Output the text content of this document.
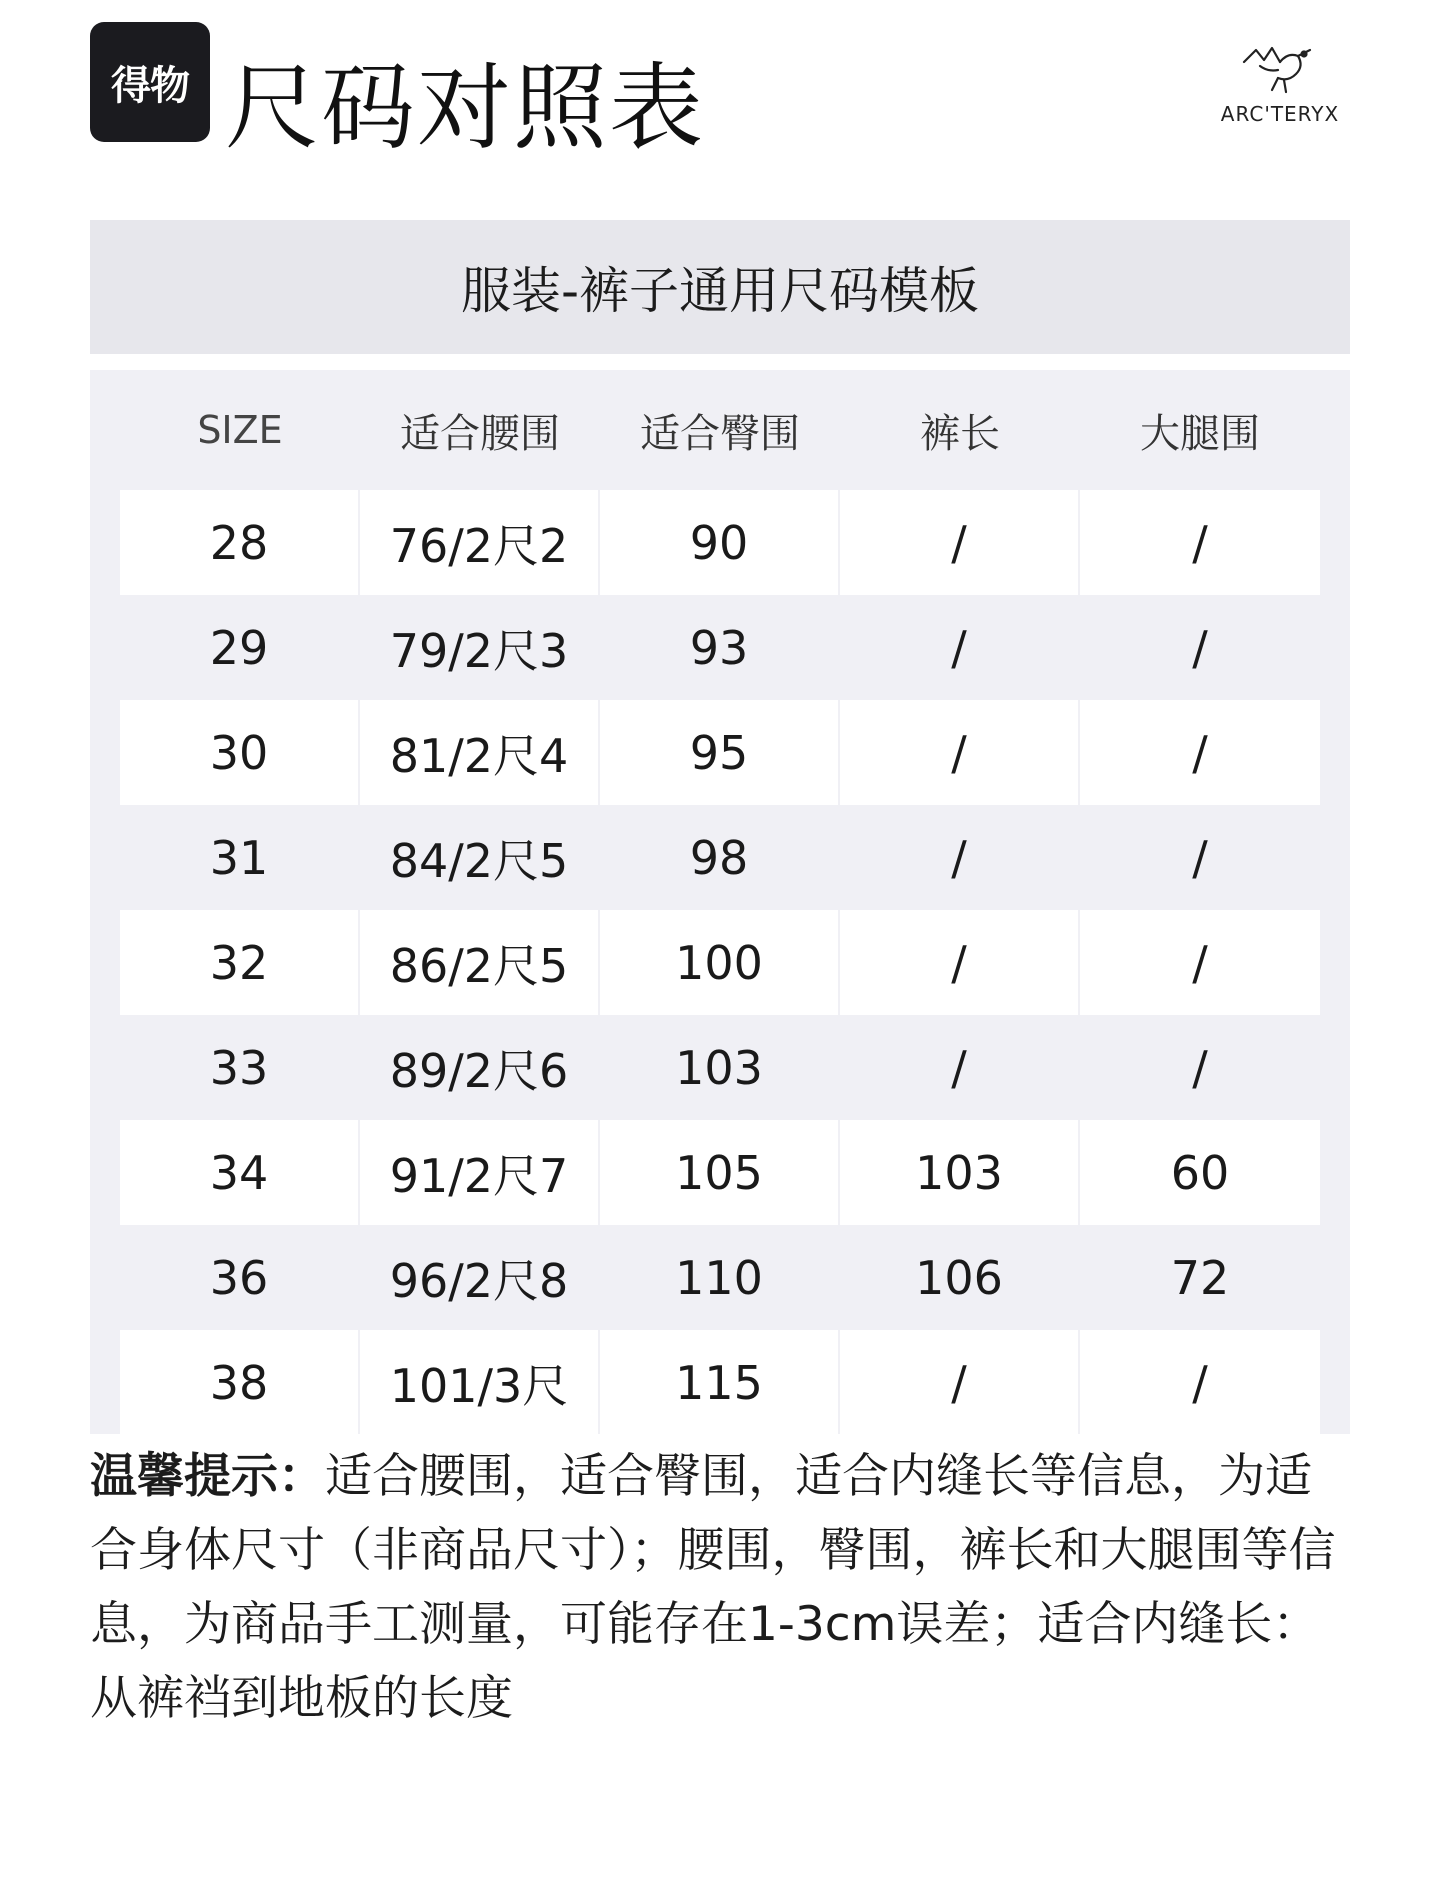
得物 尺码对照表	ARC'TERYX
服装-裤子通用尺码模板
SIZE	适合腰围	适合臀围	裤长	大腿围
28	76/2尺2	90	/	/
29	79/2尺3	93	/	/
30	81/2尺4	95	/	/
31	84/2尺5	98	/	/
32	86/2尺5	100	/	/
33	89/2尺6	103	/	/
34	91/2尺7	105	103	60
36	96/2尺8	110	106	72
38	101/3尺	115	/	/
温馨提示：适合腰围，适合臀围，适合内缝长等信息，为适合身体尺寸（非商品尺寸）；腰围，臀围，裤长和大腿围等信息，为商品手工测量，可能存在1-3cm误差；适合内缝长：从裤裆到地板的长度
